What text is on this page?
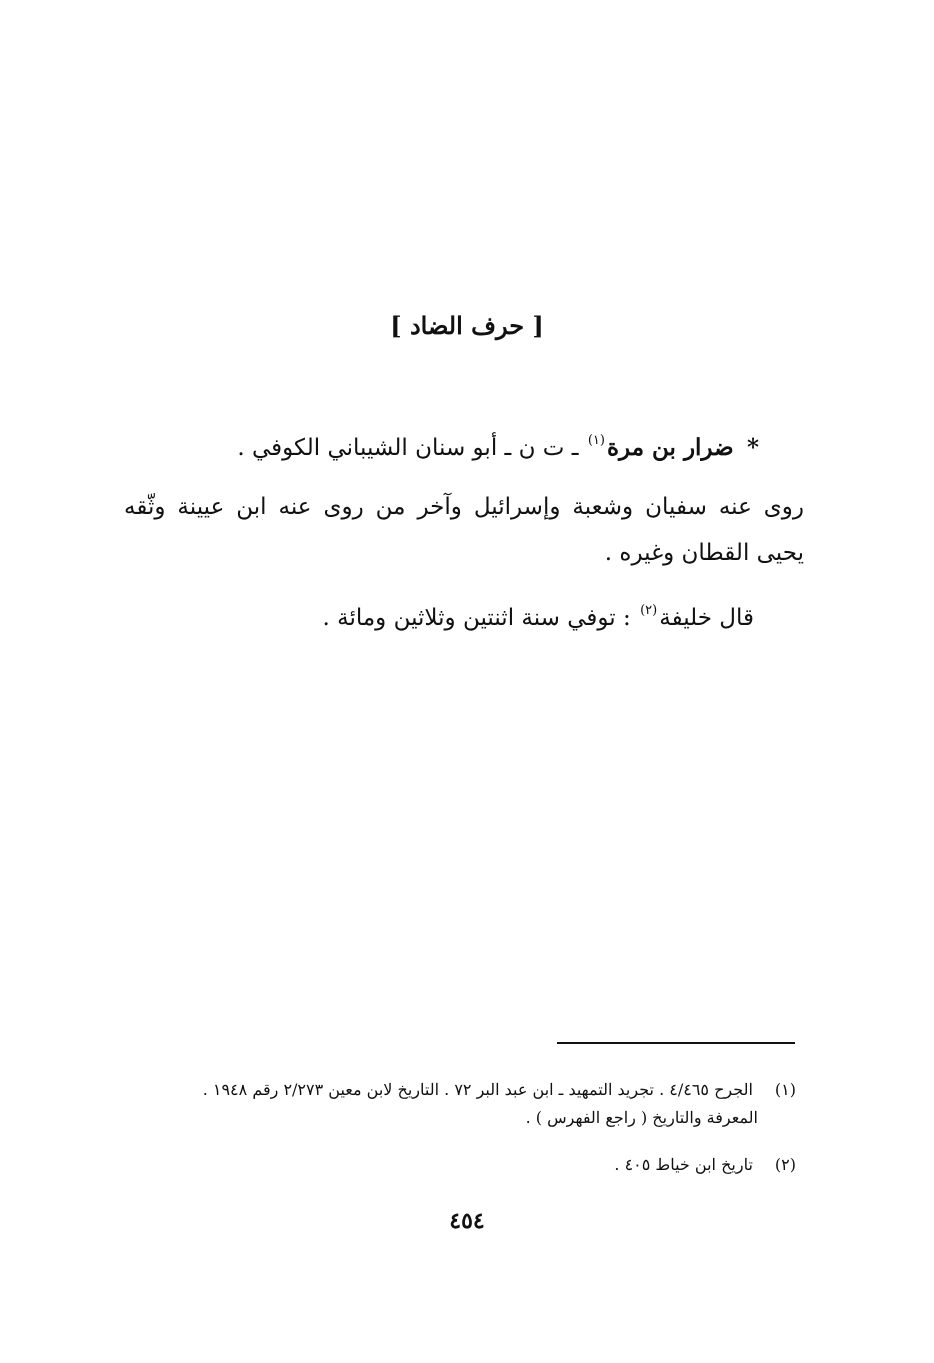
[ حرف الضاد ]
* ضرار بن مرة$^{(١)}$ ـ ت ن ـ أبو سنان الشيباني الكوفي .
روى عنه سفيان وشعبة وإسرائيل وآخر من روى عنه ابن عيينة وثّقه يحيى القطان وغيره .
قال خليفة$^{(٢)}$ : توفي سنة اثنتين وثلاثين ومائة .
(١) الجرح ٤/٤٦٥ . تجريد التمهيد ـ ابن عبد البر ٧٢ . التاريخ لابن معين ٢/٢٧٣ رقم ١٩٤٨ .
المعرفة والتاريخ ( راجع الفهرس ) .
(٢) تاريخ ابن خياط ٤٠٥ .
٤٥٤
